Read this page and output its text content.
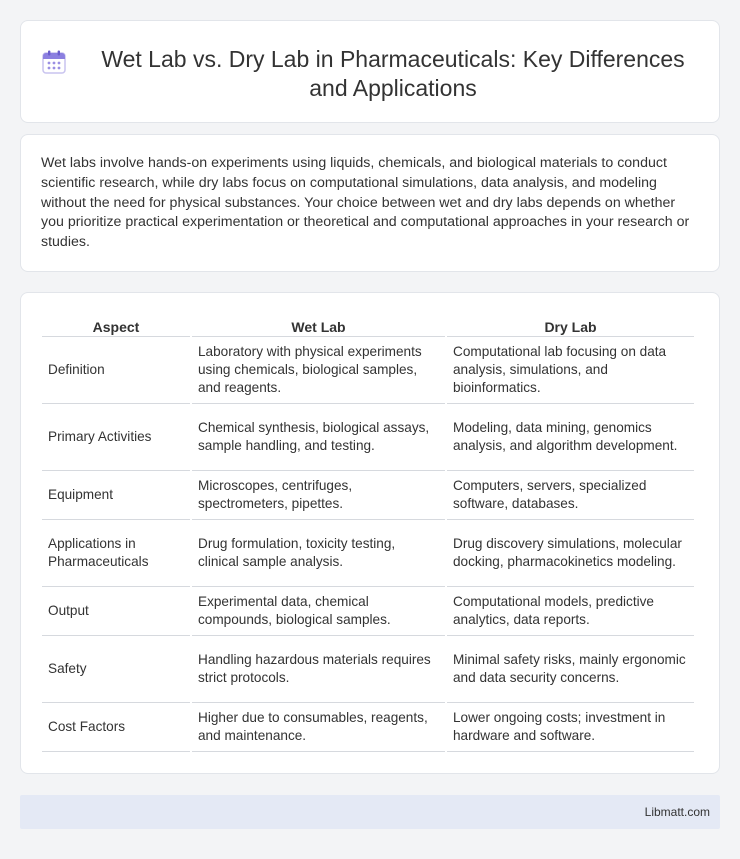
Wet Lab vs. Dry Lab in Pharmaceuticals: Key Differences and Applications

Wet labs involve hands-on experiments using liquids, chemicals, and biological materials to conduct scientific research, while dry labs focus on computational simulations, data analysis, and modeling without the need for physical substances. Your choice between wet and dry labs depends on whether you prioritize practical experimentation or theoretical and computational approaches in your research or studies.

Aspect	Wet Lab	Dry Lab
Definition	Laboratory with physical experiments using chemicals, biological samples, and reagents.	Computational lab focusing on data analysis, simulations, and bioinformatics.
Primary Activities	Chemical synthesis, biological assays, sample handling, and testing.	Modeling, data mining, genomics analysis, and algorithm development.
Equipment	Microscopes, centrifuges, spectrometers, pipettes.	Computers, servers, specialized software, databases.
Applications in Pharmaceuticals	Drug formulation, toxicity testing, clinical sample analysis.	Drug discovery simulations, molecular docking, pharmacokinetics modeling.
Output	Experimental data, chemical compounds, biological samples.	Computational models, predictive analytics, data reports.
Safety	Handling hazardous materials requires strict protocols.	Minimal safety risks, mainly ergonomic and data security concerns.
Cost Factors	Higher due to consumables, reagents, and maintenance.	Lower ongoing costs; investment in hardware and software.
Libmatt.com
